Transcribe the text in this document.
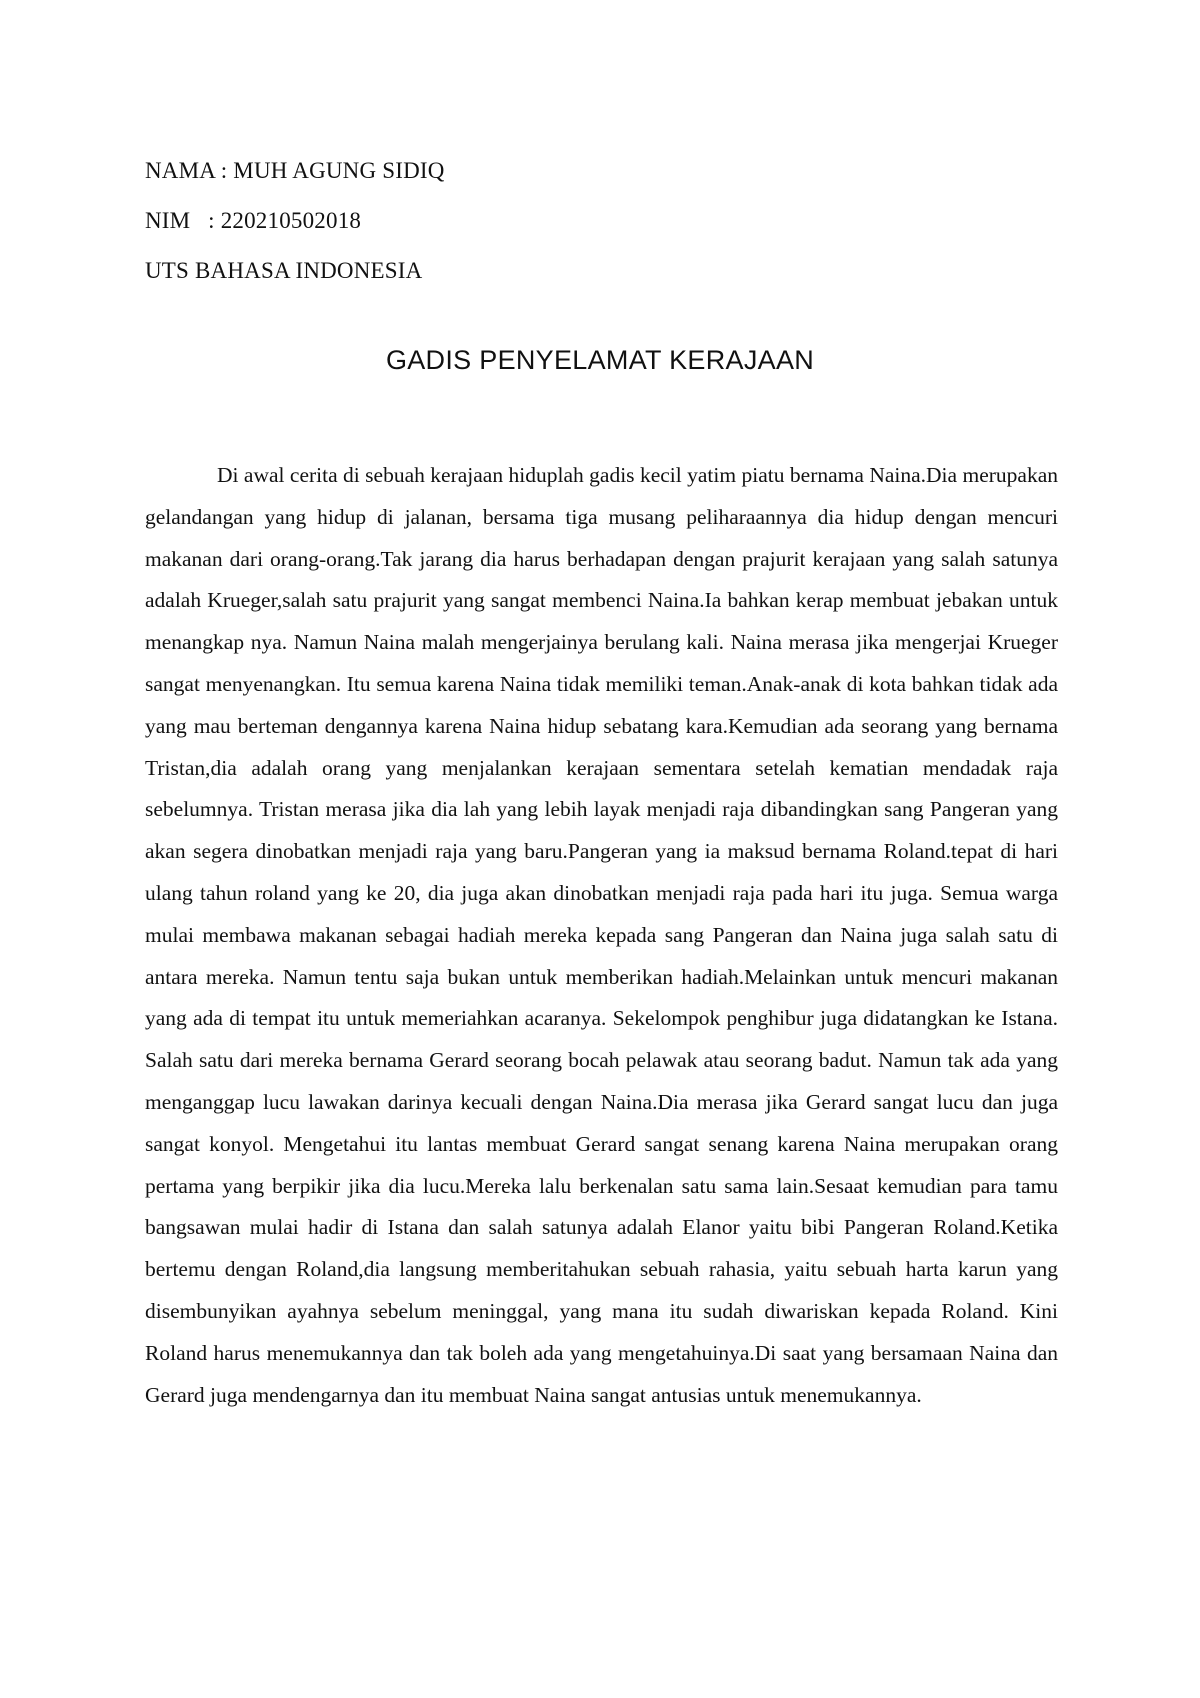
NAMA : MUH AGUNG SIDIQ
NIM   : 220210502018
UTS BAHASA INDONESIA
GADIS PENYELAMAT KERAJAAN

Di awal cerita di sebuah kerajaan hiduplah gadis kecil yatim piatu bernama Naina.Dia merupakan gelandangan yang hidup di jalanan, bersama tiga musang peliharaannya dia hidup dengan mencuri makanan dari orang-orang.Tak jarang dia harus berhadapan dengan prajurit kerajaan yang salah satunya adalah Krueger,salah satu prajurit yang sangat membenci Naina.Ia bahkan kerap membuat jebakan untuk menangkap nya. Namun Naina malah mengerjainya berulang kali. Naina merasa jika mengerjai Krueger sangat menyenangkan. Itu semua karena Naina tidak memiliki teman.Anak-anak di kota bahkan tidak ada yang mau berteman dengannya karena Naina hidup sebatang kara.Kemudian ada seorang yang bernama Tristan,dia adalah orang yang menjalankan kerajaan sementara setelah kematian mendadak raja sebelumnya. Tristan merasa jika dia lah yang lebih layak menjadi raja dibandingkan sang Pangeran yang akan segera dinobatkan menjadi raja yang baru.Pangeran yang ia maksud bernama Roland.tepat di hari ulang tahun roland yang ke 20, dia juga akan dinobatkan menjadi raja pada hari itu juga. Semua warga mulai membawa makanan sebagai hadiah mereka kepada sang Pangeran dan Naina juga salah satu di antara mereka. Namun tentu saja bukan untuk memberikan hadiah.Melainkan untuk mencuri makanan yang ada di tempat itu untuk memeriahkan acaranya. Sekelompok penghibur juga didatangkan ke Istana. Salah satu dari mereka bernama Gerard seorang bocah pelawak atau seorang badut. Namun tak ada yang menganggap lucu lawakan darinya kecuali dengan Naina.Dia merasa jika Gerard sangat lucu dan juga sangat konyol. Mengetahui itu lantas membuat Gerard sangat senang karena Naina merupakan orang pertama yang berpikir jika dia lucu.Mereka lalu berkenalan satu sama lain.Sesaat kemudian para tamu bangsawan mulai hadir di Istana dan salah satunya adalah Elanor yaitu bibi Pangeran Roland.Ketika bertemu dengan Roland,dia langsung memberitahukan sebuah rahasia, yaitu sebuah harta karun yang disembunyikan ayahnya sebelum meninggal, yang mana itu sudah diwariskan kepada Roland. Kini Roland harus menemukannya dan tak boleh ada yang mengetahuinya.Di saat yang bersamaan Naina dan Gerard juga mendengarnya dan itu membuat Naina sangat antusias untuk menemukannya.
